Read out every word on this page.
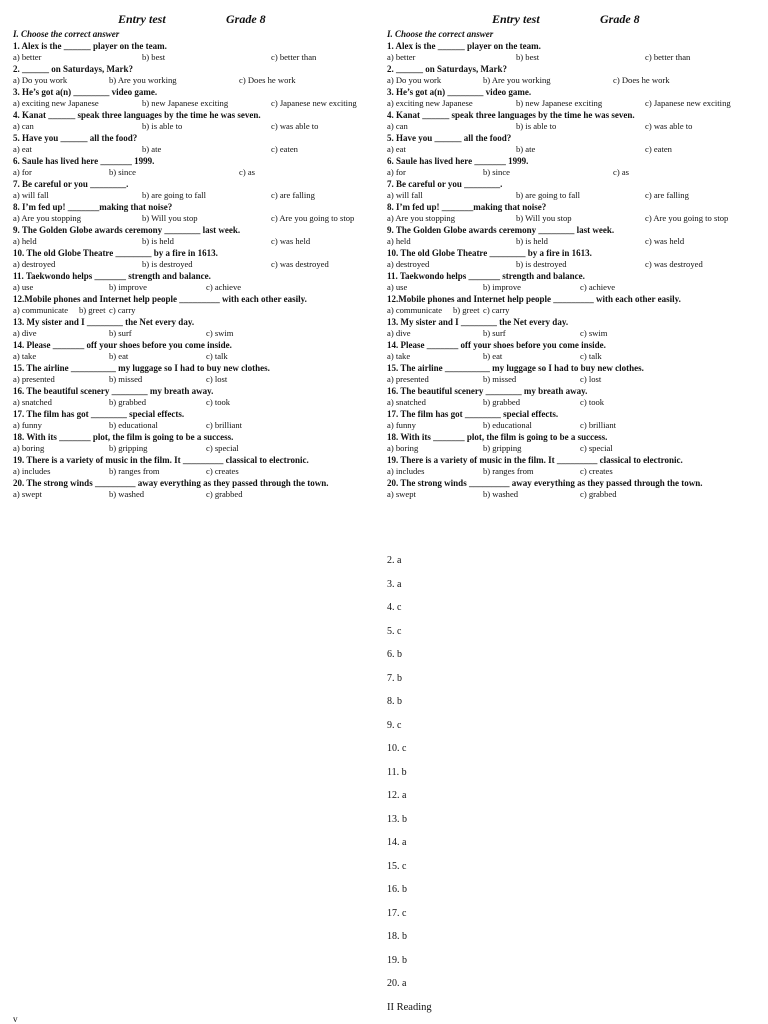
Entry test	Grade 8
I. Choose the correct answer
1. Alex is the ______ player on the team.
a) better	b) best	c) better than
2. ______ on Saturdays, Mark?
a) Do you work	b) Are you working	c) Does he work
3. He’s got a(n) ________ video game.
a) exciting new Japanese	b) new Japanese exciting	c) Japanese new exciting
4. Kanat ______ speak three languages by the time he was seven.
a) can	b) is able to	c) was able to
5. Have you ______ all the food?
a) eat	b) ate	c) eaten
6. Saule has lived here _______ 1999.
a) for	b) since	c) as
7. Be careful or you ________.
a) will fall	b) are going to fall	c) are falling
8. I’m fed up! _______making that noise?
a) Are you stopping	b) Will you stop	c) Are you going to stop
9. The Golden Globe awards ceremony ________ last week.
a) held	b) is held	c) was held
10. The old Globe Theatre ________ by a fire in 1613.
a) destroyed	b) is destroyed	c) was destroyed
11. Taekwondo helps _______ strength and balance.
a) use	b) improve	c) achieve
12.Mobile phones and Internet help people _________ with each other easily.
a) communicate b) greet c) carry
13. My sister and I ________ the Net every day.
a) dive	b) surf	c) swim
14. Please _______ off your shoes before you come inside.
a) take	b) eat	c) talk
15. The airline __________ my luggage so I had to buy new clothes.
a) presented	b) missed	c) lost
16. The beautiful scenery ________ my breath away.
a) snatched	b) grabbed	c) took
17. The film has got ________ special effects.
a) funny	b) educational	c) brilliant
18. With its _______ plot, the film is going to be a success.
a) boring	b) gripping	c) special
19. There is a variety of music in the film. It _________ classical to electronic.
a) includes	b) ranges from	c) creates
20. The strong winds _________ away everything as they passed through the town.
a) swept	b) washed	c) grabbed
Entry test	Grade 8
I. Choose the correct answer
1. Alex is the ______ player on the team.
a) better	b) best	c) better than
2. ______ on Saturdays, Mark?
a) Do you work	b) Are you working	c) Does he work
3. He’s got a(n) ________ video game.
a) exciting new Japanese	b) new Japanese exciting	c) Japanese new exciting
4. Kanat ______ speak three languages by the time he was seven.
a) can	b) is able to	c) was able to
5. Have you ______ all the food?
a) eat	b) ate	c) eaten
6. Saule has lived here _______ 1999.
a) for	b) since	c) as
7. Be careful or you ________.
a) will fall	b) are going to fall	c) are falling
8. I’m fed up! _______making that noise?
a) Are you stopping	b) Will you stop	c) Are you going to stop
9. The Golden Globe awards ceremony ________ last week.
a) held	b) is held	c) was held
10. The old Globe Theatre ________ by a fire in 1613.
a) destroyed	b) is destroyed	c) was destroyed
11. Taekwondo helps _______ strength and balance.
a) use	b) improve	c) achieve
12.Mobile phones and Internet help people _________ with each other easily.
a) communicate b) greet c) carry
13. My sister and I ________ the Net every day.
a) dive	b) surf	c) swim
14. Please _______ off your shoes before you come inside.
a) take	b) eat	c) talk
15. The airline __________ my luggage so I had to buy new clothes.
a) presented	b) missed	c) lost
16. The beautiful scenery ________ my breath away.
a) snatched	b) grabbed	c) took
17. The film has got ________ special effects.
a) funny	b) educational	c) brilliant
18. With its _______ plot, the film is going to be a success.
a) boring	b) gripping	c) special
19. There is a variety of music in the film. It _________ classical to electronic.
a) includes	b) ranges from	c) creates
20. The strong winds _________ away everything as they passed through the town.
a) swept	b) washed	c) grabbed
2. a
3. a
4. c
5. c
6. b
7. b
8. b
9. c
10. c
11. b
12. a
13. b
14. a
15. c
16. b
17. c
18. b
19. b
20. a
II Reading
v
